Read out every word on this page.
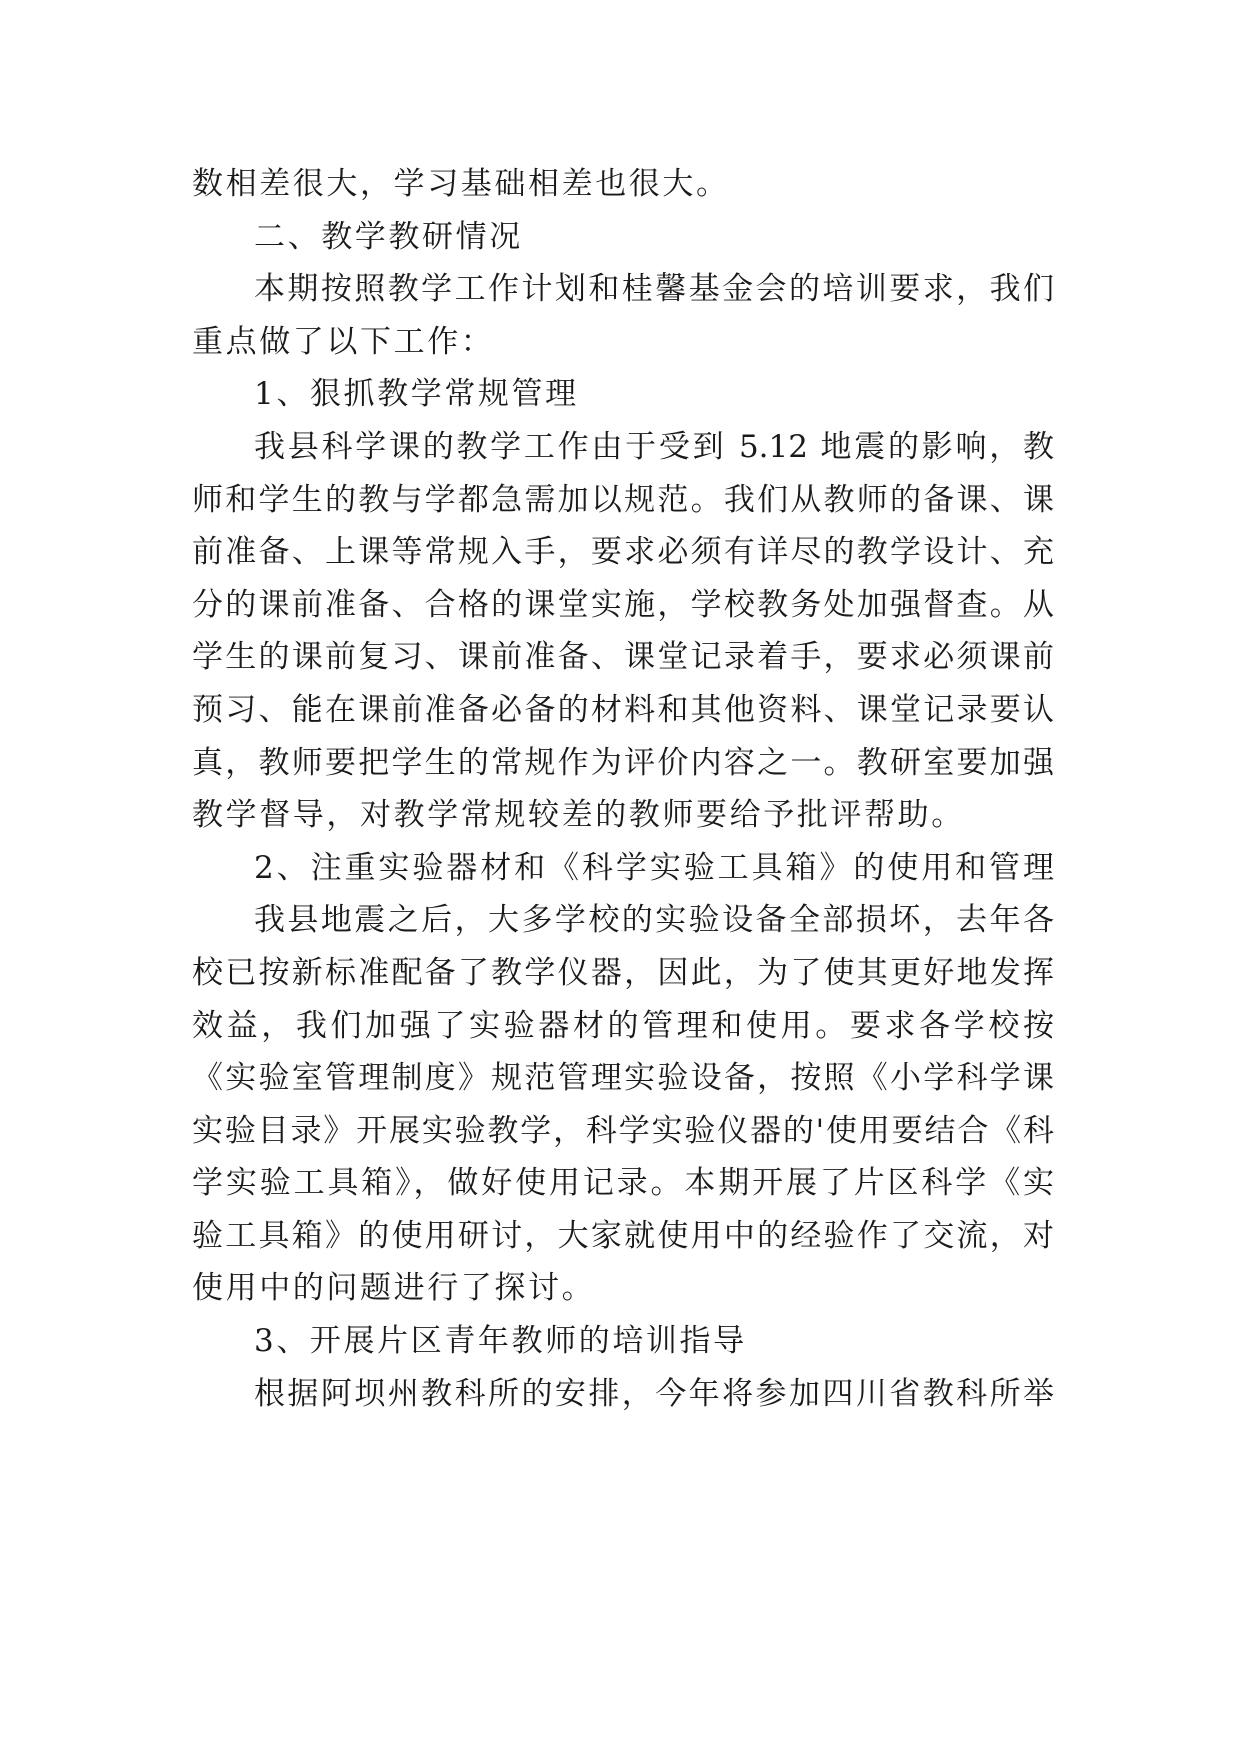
数相差很大，学习基础相差也很大。
二、教学教研情况
本期按照教学工作计划和桂馨基金会的培训要求，我们
重点做了以下工作：
1、狠抓教学常规管理
我县科学课的教学工作由于受到 5.12 地震的影响，教
师和学生的教与学都急需加以规范。我们从教师的备课、课
前准备、上课等常规入手，要求必须有详尽的教学设计、充
分的课前准备、合格的课堂实施，学校教务处加强督查。从
学生的课前复习、课前准备、课堂记录着手，要求必须课前
预习、能在课前准备必备的材料和其他资料、课堂记录要认
真，教师要把学生的常规作为评价内容之一。教研室要加强
教学督导，对教学常规较差的教师要给予批评帮助。
2、注重实验器材和《科学实验工具箱》的使用和管理
我县地震之后，大多学校的实验设备全部损坏，去年各
校已按新标准配备了教学仪器，因此，为了使其更好地发挥
效益，我们加强了实验器材的管理和使用。要求各学校按
《实验室管理制度》规范管理实验设备，按照《小学科学课
实验目录》开展实验教学，科学实验仪器的'使用要结合《科
学实验工具箱》，做好使用记录。本期开展了片区科学《实
验工具箱》的使用研讨，大家就使用中的经验作了交流，对
使用中的问题进行了探讨。
3、开展片区青年教师的培训指导
根据阿坝州教科所的安排，今年将参加四川省教科所举
